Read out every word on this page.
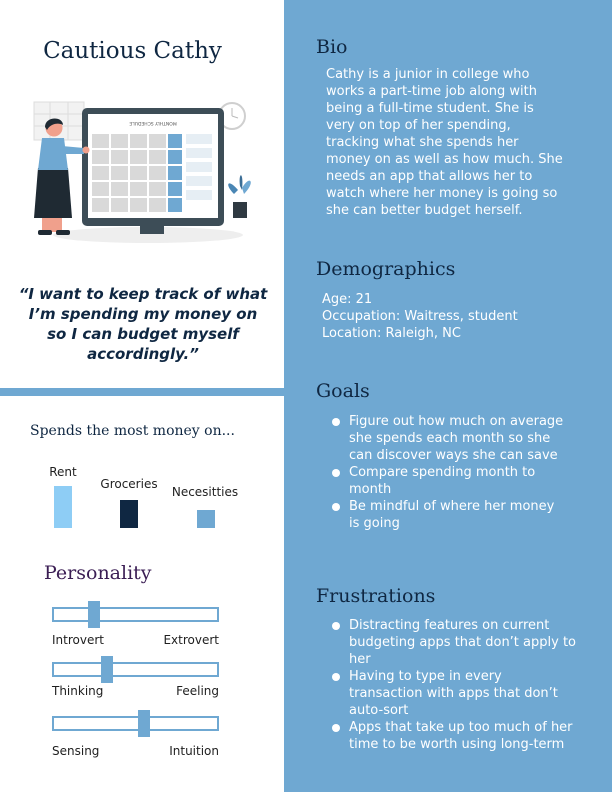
Cautious Cathy
MONTHLY SCHEDULE
“I want to keep track of what I’m spending my money on so I can budget myself accordingly.”
Spends the most money on...
Rent
Groceries
Necesitties
Personality
Introvert	Extrovert
Thinking	Feeling
Sensing	Intuition
Bio
Cathy is a junior in college who works a part-time job along with being a full-time student. She is very on top of her spending, tracking what she spends her money on as well as how much. She needs an app that allows her to watch where her money is going so she can better budget herself.
Demographics
Age: 21
Occupation: Waitress, student
Location: Raleigh, NC
Goals
Figure out how much on average she spends each month so she can discover ways she can save
Compare spending month to month
Be mindful of where her money is going
Frustrations
Distracting features on current budgeting apps that don’t apply to her
Having to type in every transaction with apps that don’t auto-sort
Apps that take up too much of her time to be worth using long-term
